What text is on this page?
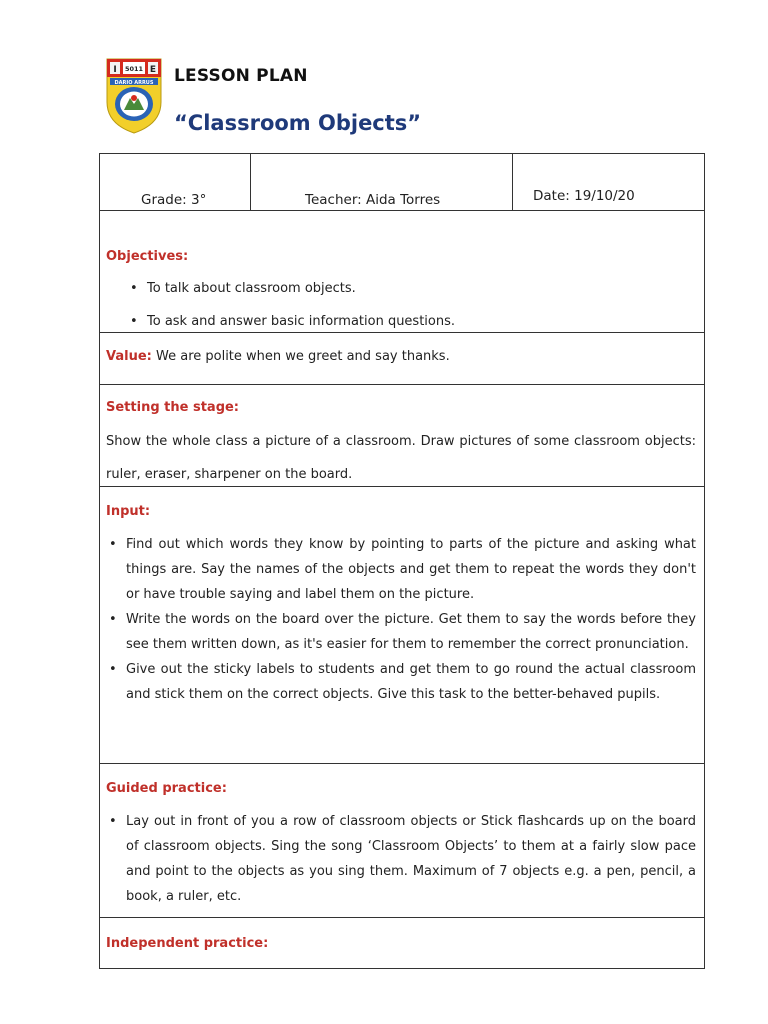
I	E
5011
DARIO ARRUS LESSON PLAN
“Classroom Objects”
Grade: 3°	Teacher: Aida Torres	Date: 19/10/20
Objectives:
• To talk about classroom objects.
• To ask and answer basic information questions.
Value: We are polite when we greet and say thanks.
Setting the stage:
Show the whole class a picture of a classroom. Draw pictures of some classroom objects: ruler, eraser, sharpener on the board.
Input:
• Find out which words they know by pointing to parts of the picture and asking what things are. Say the names of the objects and get them to repeat the words they don't or have trouble saying and label them on the picture.
• Write the words on the board over the picture. Get them to say the words before they see them written down, as it's easier for them to remember the correct pronunciation.
• Give out the sticky labels to students and get them to go round the actual classroom and stick them on the correct objects. Give this task to the better-behaved pupils.
Guided practice:
• Lay out in front of you a row of classroom objects or Stick flashcards up on the board of classroom objects. Sing the song ‘Classroom Objects’ to them at a fairly slow pace and point to the objects as you sing them. Maximum of 7 objects e.g. a pen, pencil, a book, a ruler, etc.
Independent practice:
